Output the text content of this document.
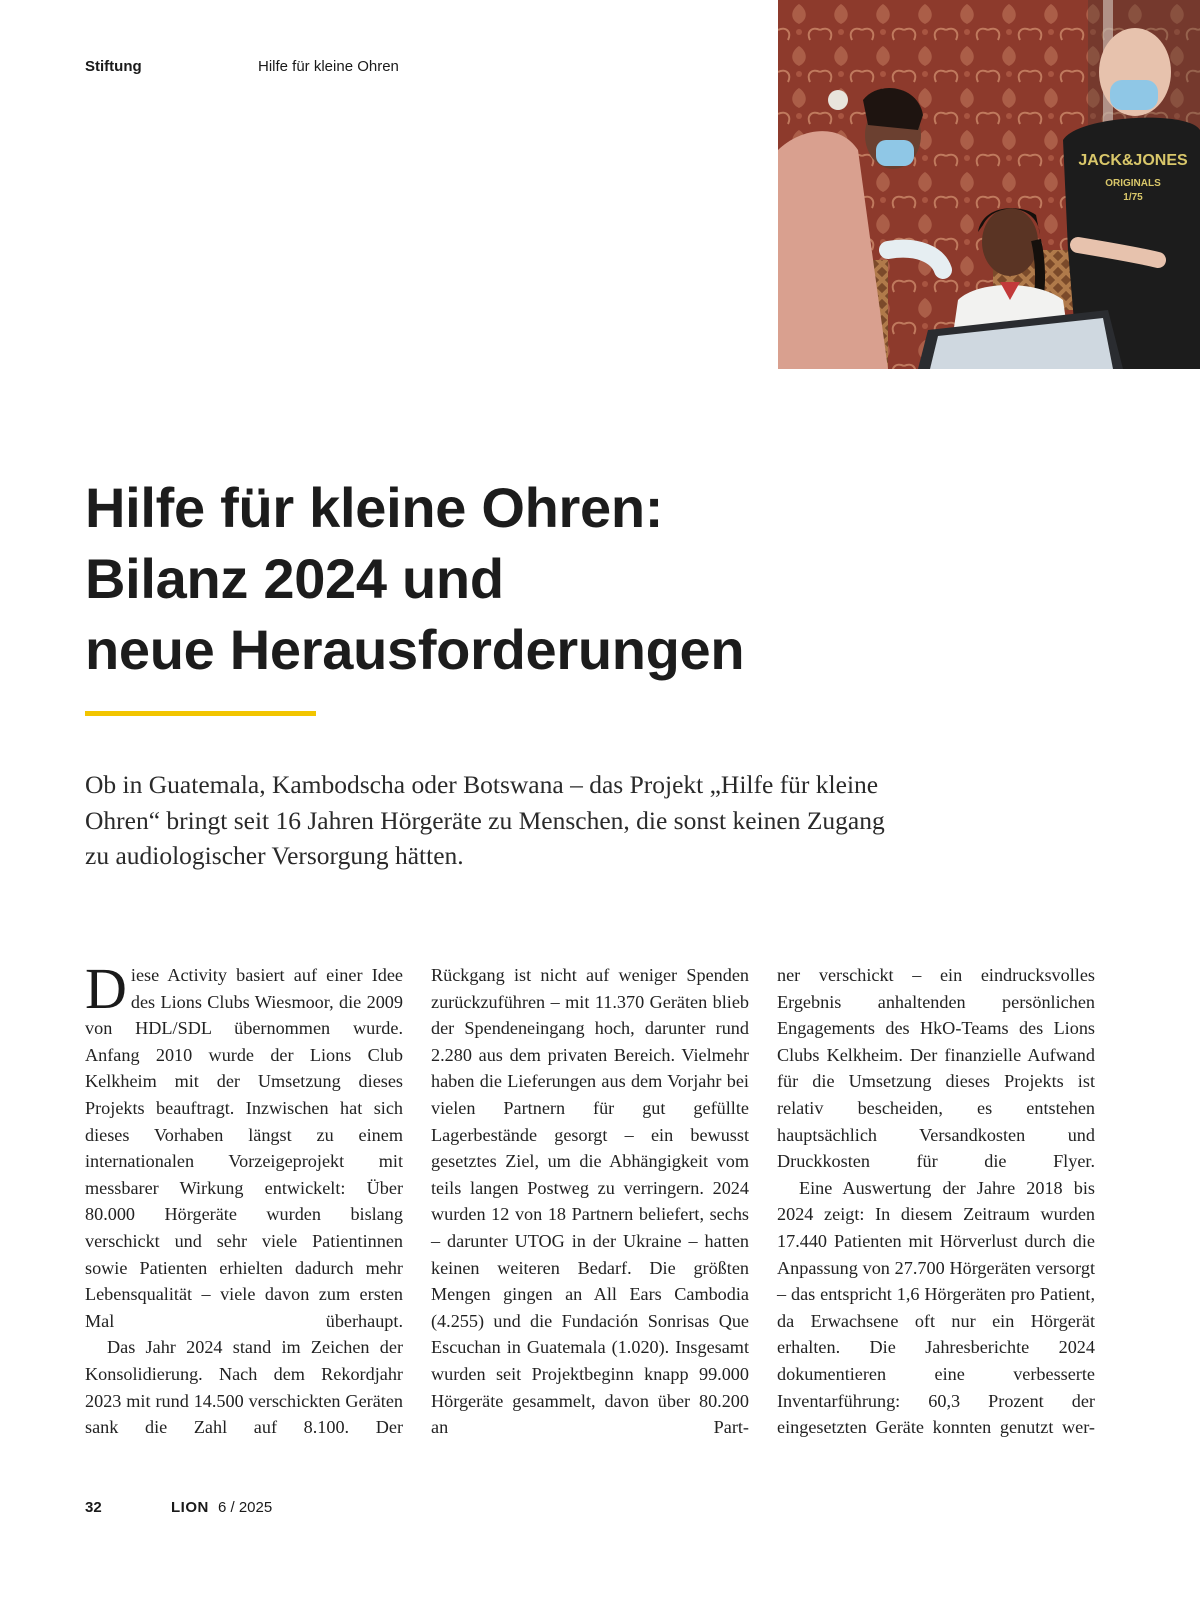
Stiftung	Hilfe für kleine Ohren
JACK&JONES
ORIGINALS
1/75
Hilfe für kleine Ohren:
Bilanz 2024 und
neue Herausforderungen

Ob in Guatemala, Kambodscha oder Botswana – das Projekt „Hilfe für kleine
Ohren“ bringt seit 16 Jahren Hörgeräte zu Menschen, die sonst keinen Zugang
zu audiologischer Versorgung hätten.

Diese Activity basiert auf einer Idee des Lions Clubs Wiesmoor, die 2009 von HDL/SDL übernommen wurde. Anfang 2010 wurde der Lions Club Kelkheim mit der Umsetzung dieses Projekts beauftragt. Inzwischen hat sich dieses Vorhaben längst zu einem internationalen Vorzeigeprojekt mit messbarer Wirkung entwickelt: Über 80.000 Hörgeräte wurden bislang verschickt und sehr viele Patientinnen sowie Patienten erhielten dadurch mehr Lebensqualität – viele davon zum ersten Mal überhaupt.

Das Jahr 2024 stand im Zeichen der Konsolidierung. Nach dem Rekordjahr 2023 mit rund 14.500 verschickten Geräten sank die Zahl auf 8.100. Der

Rückgang ist nicht auf weniger Spenden zurückzuführen – mit 11.370 Geräten blieb der Spendeneingang hoch, darunter rund 2.280 aus dem privaten Bereich. Vielmehr haben die Lieferungen aus dem Vorjahr bei vielen Partnern für gut gefüllte Lagerbestände gesorgt – ein bewusst gesetztes Ziel, um die Abhängigkeit vom teils langen Postweg zu verringern. 2024 wurden 12 von 18 Partnern beliefert, sechs – darunter UTOG in der Ukraine – hatten keinen weiteren Bedarf. Die größten Mengen gingen an All Ears Cambodia (4.255) und die Fundación Sonrisas Que Escuchan in Guatemala (1.020). Insgesamt wurden seit Projektbeginn knapp 99.000 Hörgeräte gesammelt, davon über 80.200 an Part-

ner verschickt – ein eindrucksvolles Ergebnis anhaltenden persönlichen Engagements des HkO-Teams des Lions Clubs Kelkheim. Der finanzielle Aufwand für die Umsetzung dieses Projekts ist relativ bescheiden, es entstehen hauptsächlich Versandkosten und Druckkosten für die Flyer.

Eine Auswertung der Jahre 2018 bis 2024 zeigt: In diesem Zeitraum wurden 17.440 Patienten mit Hörverlust durch die Anpassung von 27.700 Hörgeräten versorgt – das entspricht 1,6 Hörgeräten pro Patient, da Erwachsene oft nur ein Hörgerät erhalten. Die Jahresberichte 2024 dokumentieren eine verbesserte Inventarführung: 60,3 Prozent der eingesetzten Geräte konnten genutzt wer-

32	LION 6 / 2025
